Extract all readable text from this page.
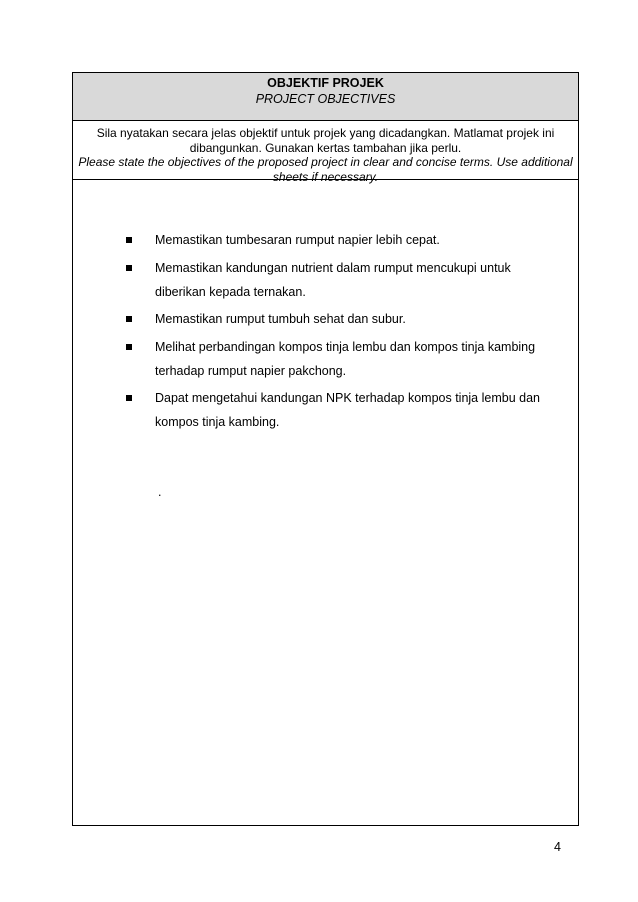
OBJEKTIF PROJEK
PROJECT OBJECTIVES
Sila nyatakan secara jelas objektif untuk projek yang dicadangkan. Matlamat projek ini dibangunkan. Gunakan kertas tambahan jika perlu.
Please state the objectives of the proposed project in clear and concise terms. Use additional sheets if necessary.
Memastikan tumbesaran rumput napier lebih cepat.
Memastikan kandungan nutrient dalam rumput mencukupi untuk diberikan kepada ternakan.
Memastikan rumput tumbuh sehat dan subur.
Melihat perbandingan kompos tinja lembu dan kompos tinja kambing terhadap rumput napier pakchong.
Dapat mengetahui kandungan NPK terhadap kompos tinja lembu dan kompos tinja kambing.
.
4
